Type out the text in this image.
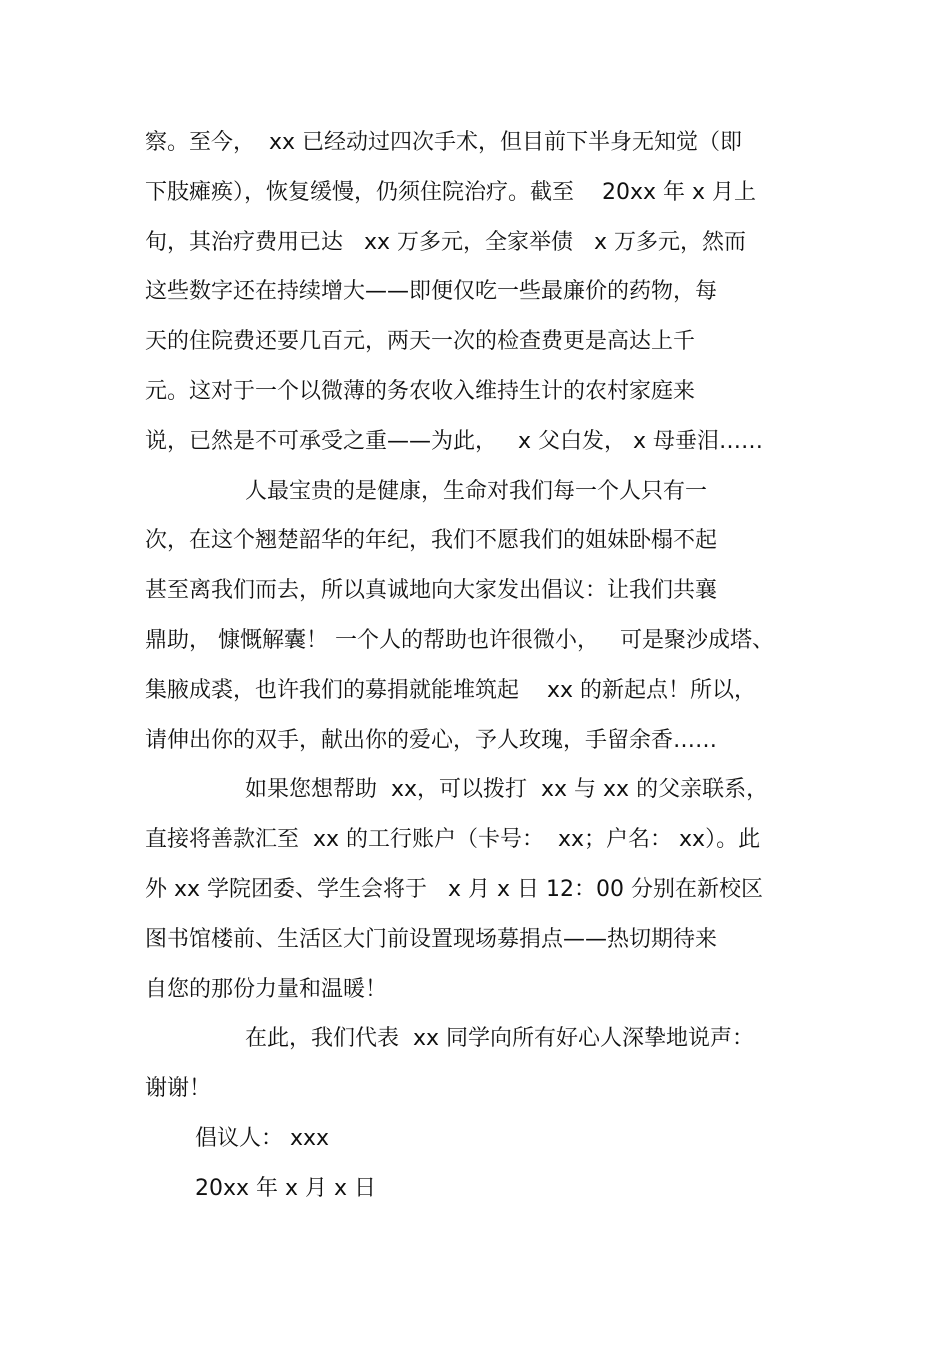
察。至今，  xx 已经动过四次手术，但目前下半身无知觉（即
下肢瘫痪），恢复缓慢，仍须住院治疗。截至    20xx 年 x 月上
旬，其治疗费用已达   xx 万多元，全家举债   x 万多元，然而
这些数字还在持续增大——即便仅吃一些最廉价的药物，每
天的住院费还要几百元，两天一次的检查费更是高达上千
元。这对于一个以微薄的务农收入维持生计的农村家庭来
说，已然是不可承受之重——为此，   x 父白发， x 母垂泪……
人最宝贵的是健康，生命对我们每一个人只有一
次，在这个翘楚韶华的年纪，我们不愿我们的姐妹卧榻不起
甚至离我们而去，所以真诚地向大家发出倡议：让我们共襄
鼎助， 慷慨解囊！ 一个人的帮助也许很微小，   可是聚沙成塔、
集腋成裘，也许我们的募捐就能堆筑起    xx 的新起点！所以，
请伸出你的双手，献出你的爱心，予人玫瑰，手留余香……
如果您想帮助  xx，可以拨打  xx 与 xx 的父亲联系，
直接将善款汇至  xx 的工行账户（卡号：  xx；户名： xx）。此
外 xx 学院团委、学生会将于   x 月 x 日 12：00 分别在新校区
图书馆楼前、生活区大门前设置现场募捐点——热切期待来
自您的那份力量和温暖！
在此，我们代表  xx 同学向所有好心人深挚地说声：
谢谢！
倡议人： xxx
20xx 年 x 月 x 日
